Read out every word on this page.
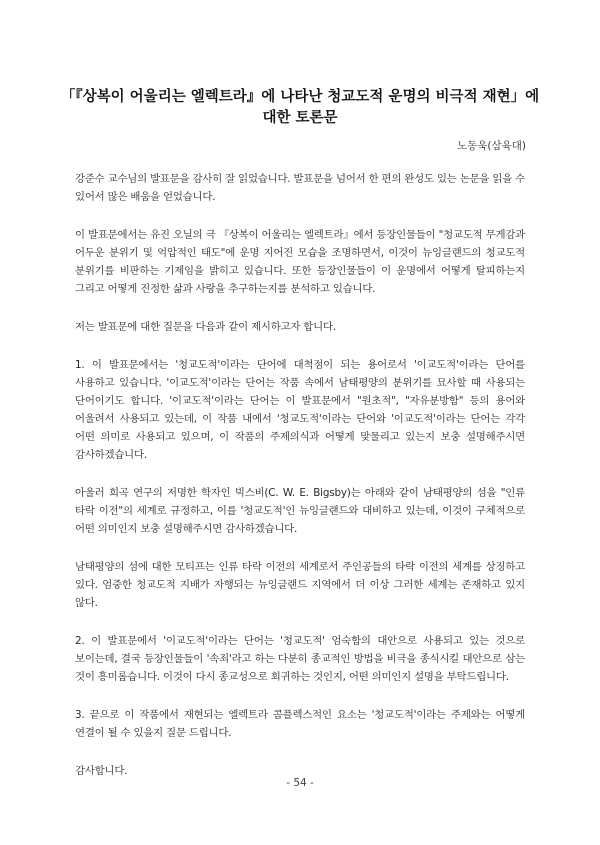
「『상복이 어울리는 엘렉트라』에 나타난 청교도적 운명의 비극적 재현」에 대한 토론문
노동욱(삼육대)

강준수 교수님의 발표문을 감사히 잘 읽었습니다. 발표문을 넘어서 한 편의 완성도 있는 논문을 읽을 수 있어서 많은 배움을 얻었습니다.

이 발표문에서는 유진 오닐의 극 『상복이 어울리는 엘렉트라』에서 등장인물들이 "청교도적 무게감과 어두운 분위기 및 억압적인 태도"에 운명 지어진 모습을 조명하면서, 이것이 뉴잉글랜드의 청교도적 분위기를 비판하는 기제임을 밝히고 있습니다. 또한 등장인물들이 이 운명에서 어떻게 탈피하는지 그리고 어떻게 진정한 삶과 사랑을 추구하는지를 분석하고 있습니다.

저는 발표문에 대한 질문을 다음과 같이 제시하고자 합니다.

1. 이 발표문에서는 '청교도적'이라는 단어에 대척점이 되는 용어로서 '이교도적'이라는 단어를 사용하고 있습니다. '이교도적'이라는 단어는 작품 속에서 남태평양의 분위기를 묘사할 때 사용되는 단어이기도 합니다. '이교도적'이라는 단어는 이 발표문에서 "원초적", "자유분방함" 등의 용어와 어울려서 사용되고 있는데, 이 작품 내에서 '청교도적'이라는 단어와 '이교도적'이라는 단어는 각각 어떤 의미로 사용되고 있으며, 이 작품의 주제의식과 어떻게 맞물리고 있는지 보충 설명해주시면 감사하겠습니다.

아울러 희곡 연구의 저명한 학자인 빅스비(C. W. E. Bigsby)는 아래와 같이 남태평양의 섬을 "인류 타락 이전"의 세계로 규정하고, 이를 '청교도적'인 뉴잉글랜드와 대비하고 있는데, 이것이 구체적으로 어떤 의미인지 보충 설명해주시면 감사하겠습니다.

남태평양의 섬에 대한 모티프는 인류 타락 이전의 세계로서 주인공들의 타락 이전의 세계를 상징하고 있다. 엄중한 청교도적 지배가 자행되는 뉴잉글랜드 지역에서 더 이상 그러한 세계는 존재하고 있지 않다.

2. 이 발표문에서 '이교도적'이라는 단어는 '청교도적' 엄숙함의 대안으로 사용되고 있는 것으로 보이는데, 결국 등장인물들이 '속죄'라고 하는 다분히 종교적인 방법을 비극을 종식시킬 대안으로 삼는 것이 흥미롭습니다. 이것이 다시 종교성으로 회귀하는 것인지, 어떤 의미인지 설명을 부탁드립니다.

3. 끝으로 이 작품에서 재현되는 엘렉트라 콤플렉스적인 요소는 '청교도적'이라는 주제와는 어떻게 연결이 될 수 있을지 질문 드립니다.

감사합니다.

- 54 -
